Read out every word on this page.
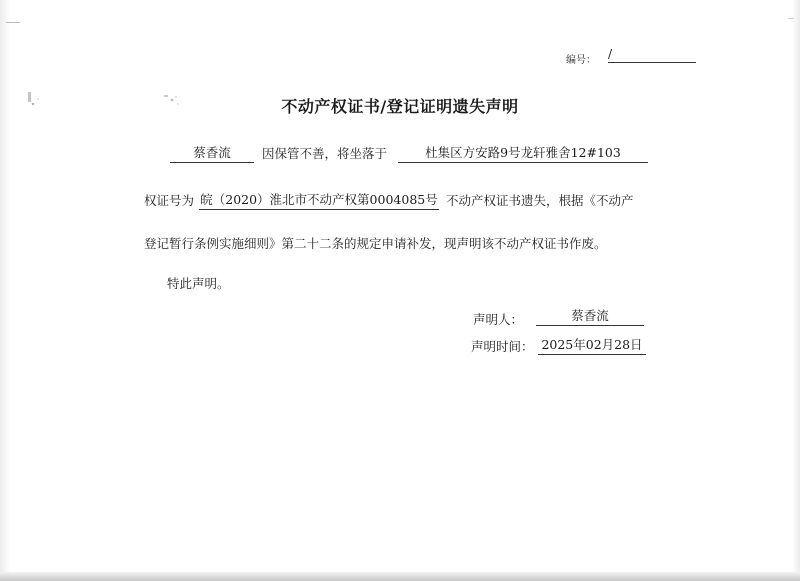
编号： /
不动产权证书/登记证明遗失声明
蔡香流	因保管不善，将坐落于	杜集区方安路9号龙轩雅舍12#103
权证号为 皖（2020）淮北市不动产权第0004085号 不动产权证书遗失，根据《不动产
登记暂行条例实施细则》第二十二条的规定申请补发，现声明该不动产权证书作废。
特此声明。
声明人：	蔡香流
声明时间： 2025年02月28日
